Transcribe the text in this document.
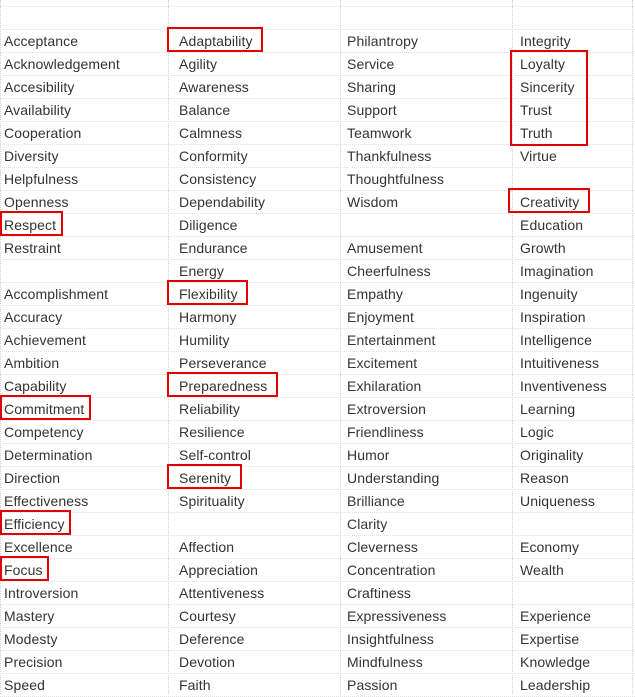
Acceptance
Acknowledgement
Accesibility
Availability
Cooperation
Diversity
Helpfulness
Openness
Respect
Restraint
Accomplishment
Accuracy
Achievement
Ambition
Capability
Commitment
Competency
Determination
Direction
Effectiveness
Efficiency
Excellence
Focus
Introversion
Mastery
Modesty
Precision
Speed
Adaptability
Agility
Awareness
Balance
Calmness
Conformity
Consistency
Dependability
Diligence
Endurance
Energy
Flexibility
Harmony
Humility
Perseverance
Preparedness
Reliability
Resilience
Self-control
Serenity
Spirituality
Affection
Appreciation
Attentiveness
Courtesy
Deference
Devotion
Faith
Philantropy
Service
Sharing
Support
Teamwork
Thankfulness
Thoughtfulness
Wisdom
Amusement
Cheerfulness
Empathy
Enjoyment
Entertainment
Excitement
Exhilaration
Extroversion
Friendliness
Humor
Understanding
Brilliance
Clarity
Cleverness
Concentration
Craftiness
Expressiveness
Insightfulness
Mindfulness
Passion
Integrity
Loyalty
Sincerity
Trust
Truth
Virtue
Creativity
Education
Growth
Imagination
Ingenuity
Inspiration
Intelligence
Intuitiveness
Inventiveness
Learning
Logic
Originality
Reason
Uniqueness
Economy
Wealth
Experience
Expertise
Knowledge
Leadership
